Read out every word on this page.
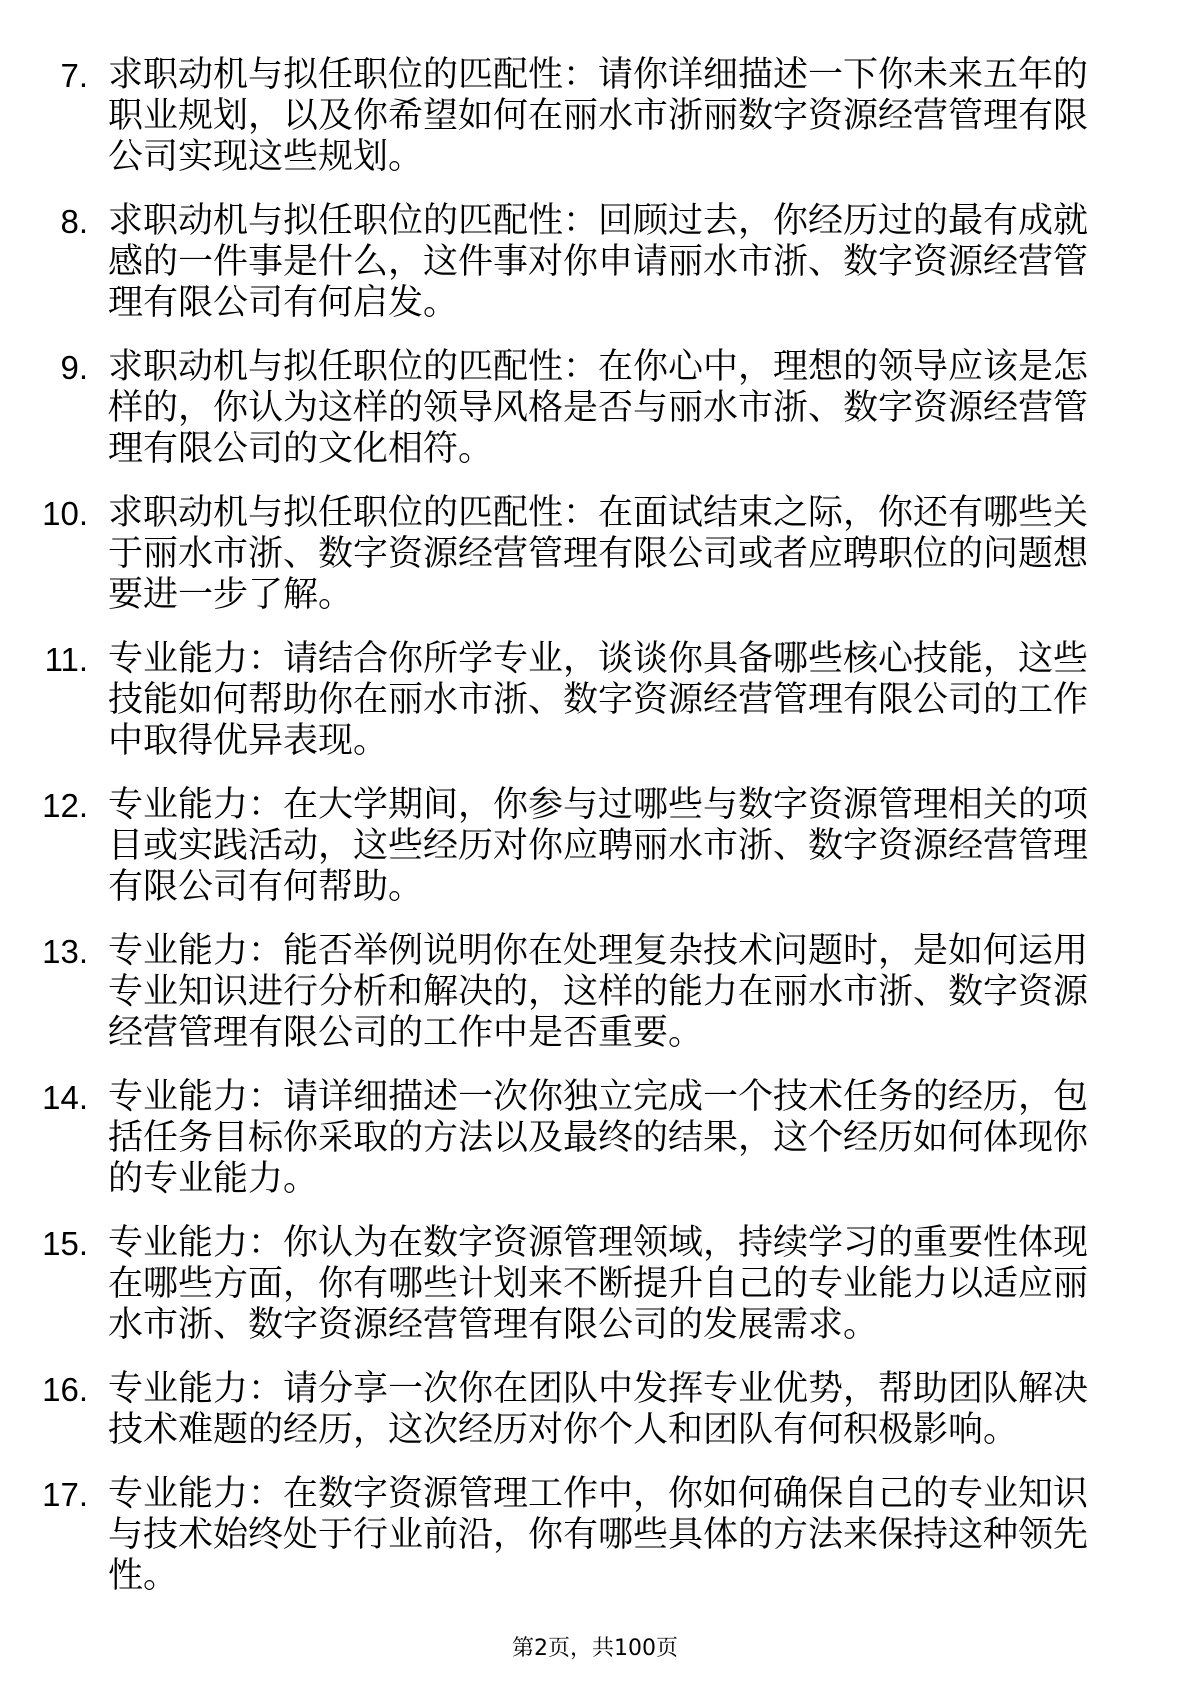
7. 求职动机与拟任职位的匹配性：请你详细描述一下你未来五年的职业规划，以及你希望如何在丽水市浙丽数字资源经营管理有限公司实现这些规划。
8. 求职动机与拟任职位的匹配性：回顾过去，你经历过的最有成就感的一件事是什么，这件事对你申请丽水市浙、数字资源经营管理有限公司有何启发。
9. 求职动机与拟任职位的匹配性：在你心中，理想的领导应该是怎样的，你认为这样的领导风格是否与丽水市浙、数字资源经营管理有限公司的文化相符。
10. 求职动机与拟任职位的匹配性：在面试结束之际，你还有哪些关于丽水市浙、数字资源经营管理有限公司或者应聘职位的问题想要进一步了解。
11. 专业能力：请结合你所学专业，谈谈你具备哪些核心技能，这些技能如何帮助你在丽水市浙、数字资源经营管理有限公司的工作中取得优异表现。
12. 专业能力：在大学期间，你参与过哪些与数字资源管理相关的项目或实践活动，这些经历对你应聘丽水市浙、数字资源经营管理有限公司有何帮助。
13. 专业能力：能否举例说明你在处理复杂技术问题时，是如何运用专业知识进行分析和解决的，这样的能力在丽水市浙、数字资源经营管理有限公司的工作中是否重要。
14. 专业能力：请详细描述一次你独立完成一个技术任务的经历，包括任务目标你采取的方法以及最终的结果，这个经历如何体现你的专业能力。
15. 专业能力：你认为在数字资源管理领域，持续学习的重要性体现在哪些方面，你有哪些计划来不断提升自己的专业能力以适应丽水市浙、数字资源经营管理有限公司的发展需求。
16. 专业能力：请分享一次你在团队中发挥专业优势，帮助团队解决技术难题的经历，这次经历对你个人和团队有何积极影响。
17. 专业能力：在数字资源管理工作中，你如何确保自己的专业知识与技术始终处于行业前沿，你有哪些具体的方法来保持这种领先性。
第2页，共100页
